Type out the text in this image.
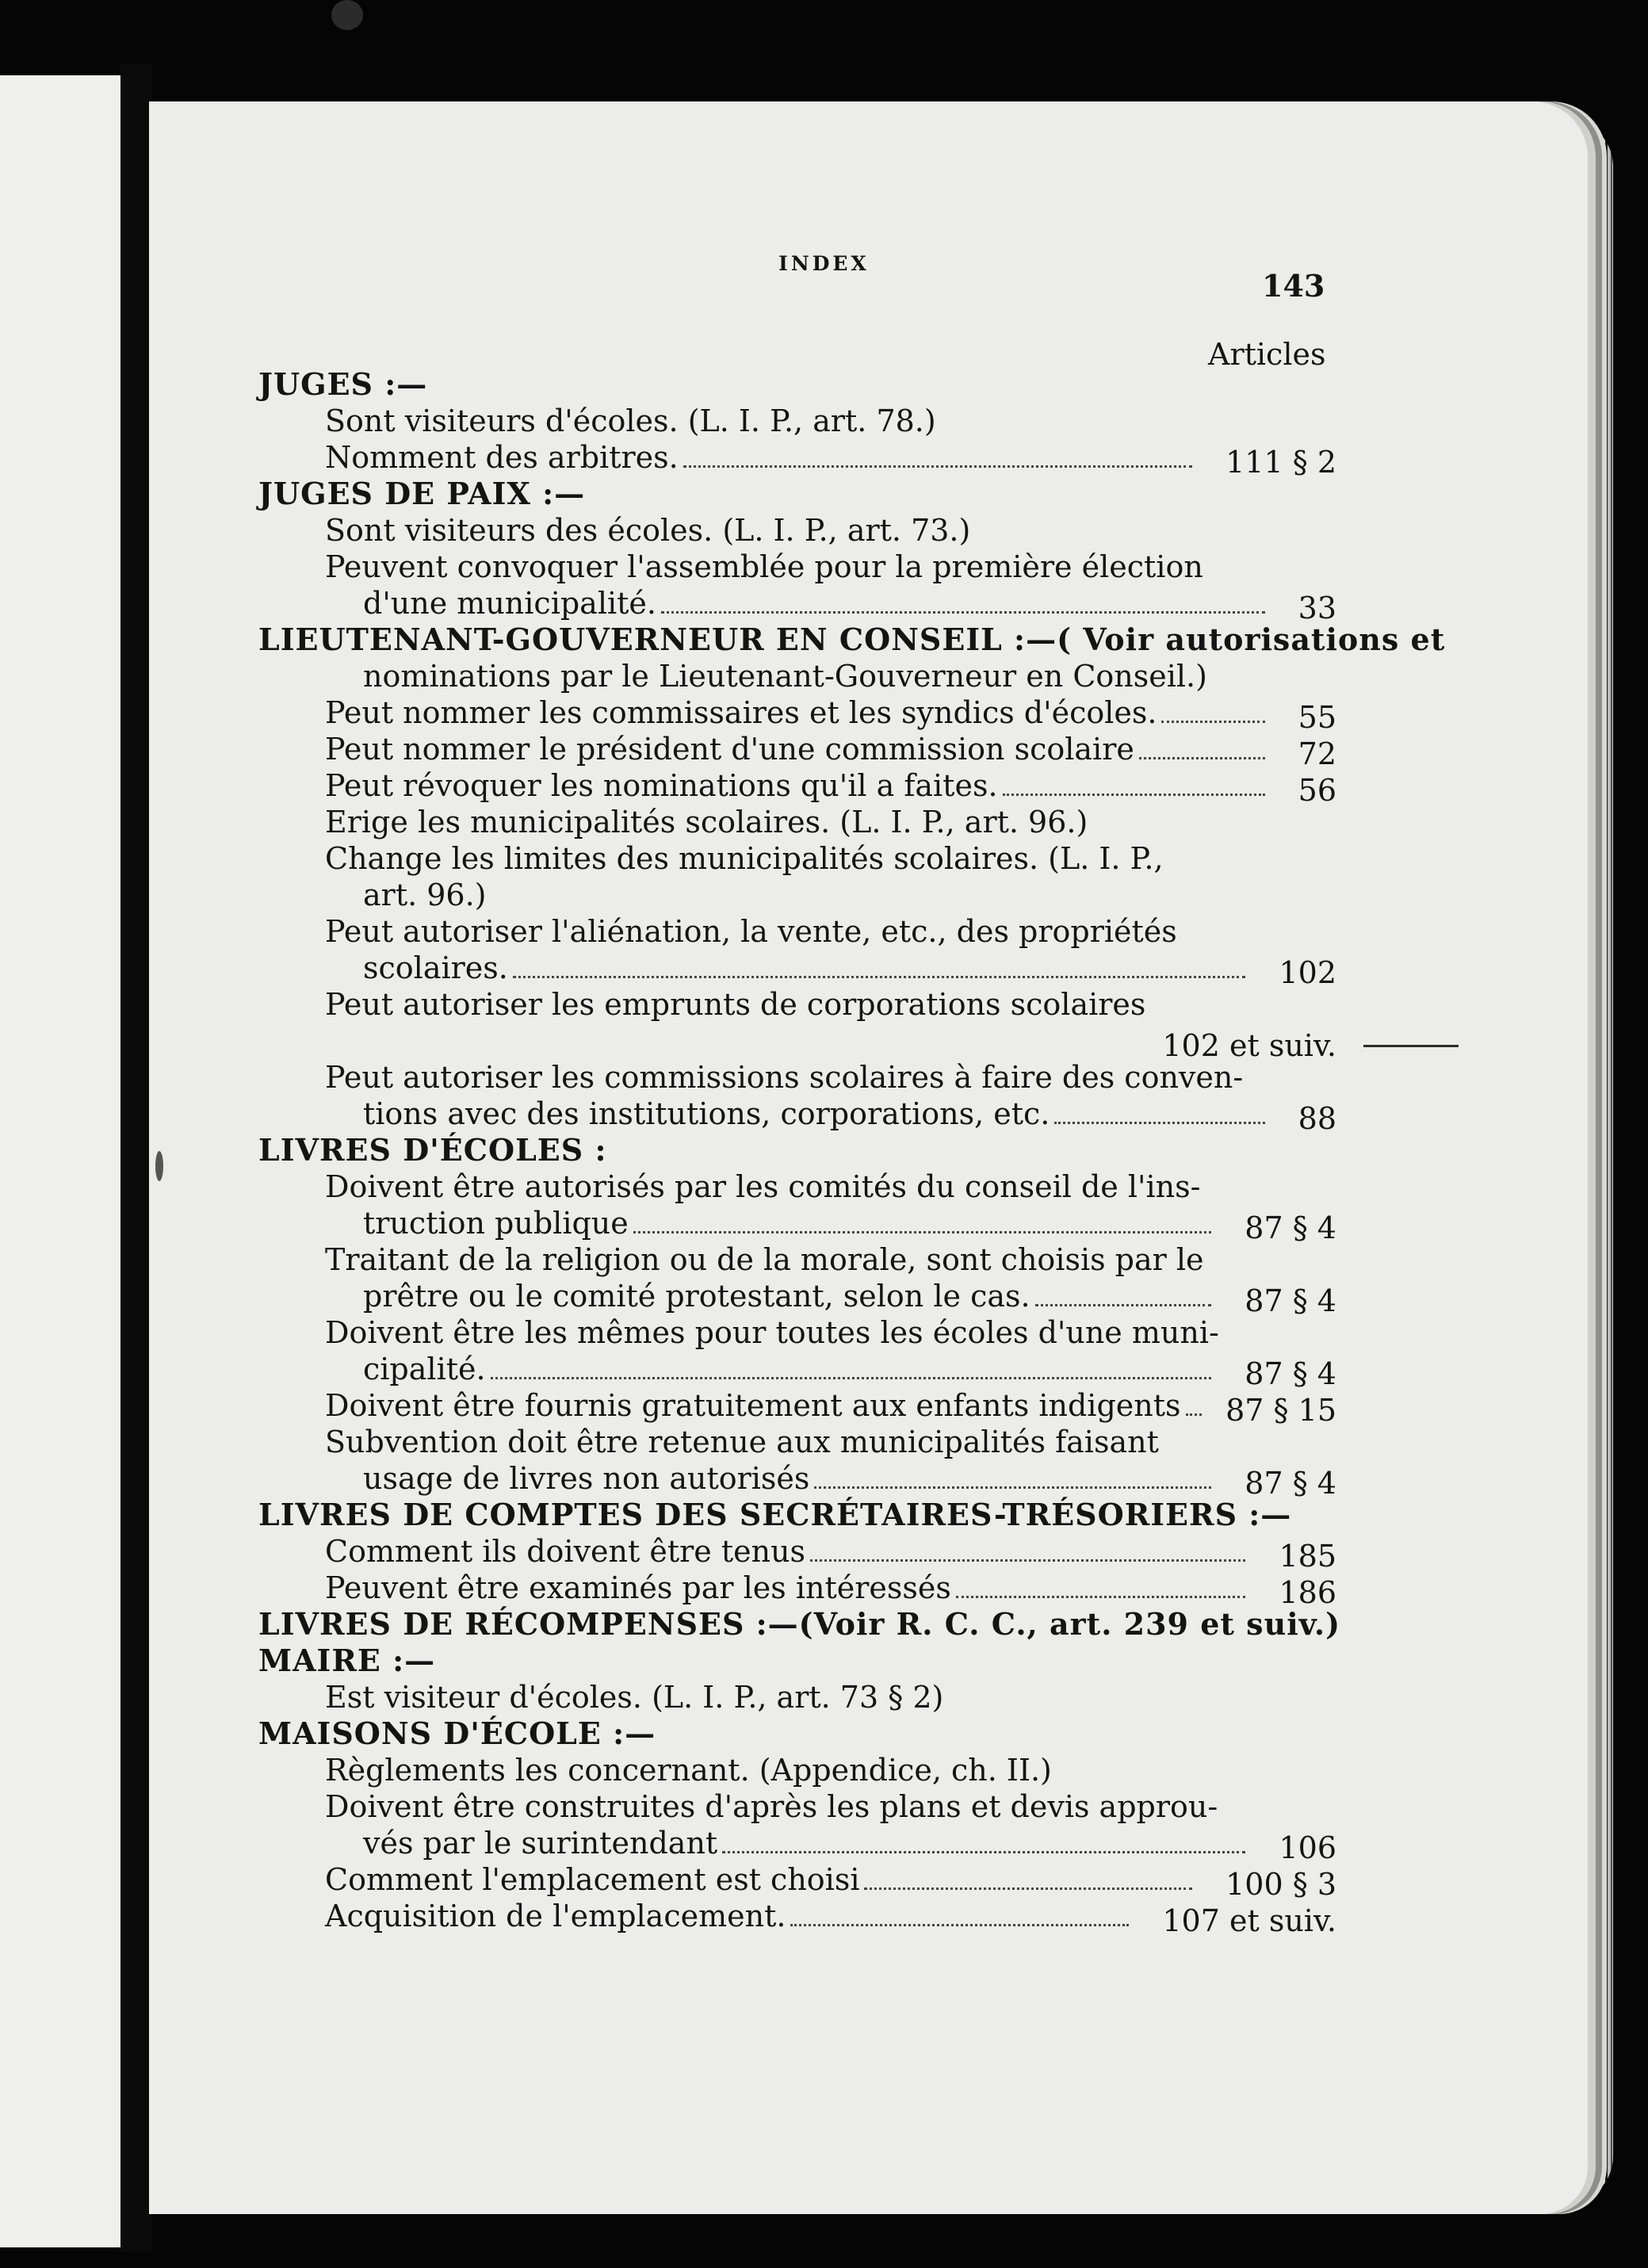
INDEX
143
Articles
JUGES :—
Sont visiteurs d'écoles. (L. I. P., art. 78.)
Nomment des arbitres.	111 § 2
JUGES DE PAIX :—
Sont visiteurs des écoles. (L. I. P., art. 73.)
Peuvent convoquer l'assemblée pour la première élection
d'une municipalité.	33
LIEUTENANT-GOUVERNEUR EN CONSEIL :—( Voir autorisations et
nominations par le Lieutenant-Gouverneur en Conseil.)
Peut nommer les commissaires et les syndics d'écoles.	55
Peut nommer le président d'une commission scolaire	72
Peut révoquer les nominations qu'il a faites.	56
Erige les municipalités scolaires. (L. I. P., art. 96.)
Change les limites des municipalités scolaires. (L. I. P.,
art. 96.)
Peut autoriser l'aliénation, la vente, etc., des propriétés
scolaires.	102
Peut autoriser les emprunts de corporations scolaires
102 et suiv.
Peut autoriser les commissions scolaires à faire des conven-
tions avec des institutions, corporations, etc.	88
LIVRES D'ÉCOLES :
Doivent être autorisés par les comités du conseil de l'ins-
truction publique	87 § 4
Traitant de la religion ou de la morale, sont choisis par le
prêtre ou le comité protestant, selon le cas.	87 § 4
Doivent être les mêmes pour toutes les écoles d'une muni-
cipalité.	87 § 4
Doivent être fournis gratuitement aux enfants indigents 87 § 15
Subvention doit être retenue aux municipalités faisant
usage de livres non autorisés	87 § 4
LIVRES DE COMPTES DES SECRÉTAIRES-TRÉSORIERS :—
Comment ils doivent être tenus	185
Peuvent être examinés par les intéressés	186
LIVRES DE RÉCOMPENSES :—(Voir R. C. C., art. 239 et suiv.)
MAIRE :—
Est visiteur d'écoles. (L. I. P., art. 73 § 2)
MAISONS D'ÉCOLE :—
Règlements les concernant. (Appendice, ch. II.)
Doivent être construites d'après les plans et devis approu-
vés par le surintendant	106
Comment l'emplacement est choisi	100 § 3
Acquisition de l'emplacement.	107 et suiv.
